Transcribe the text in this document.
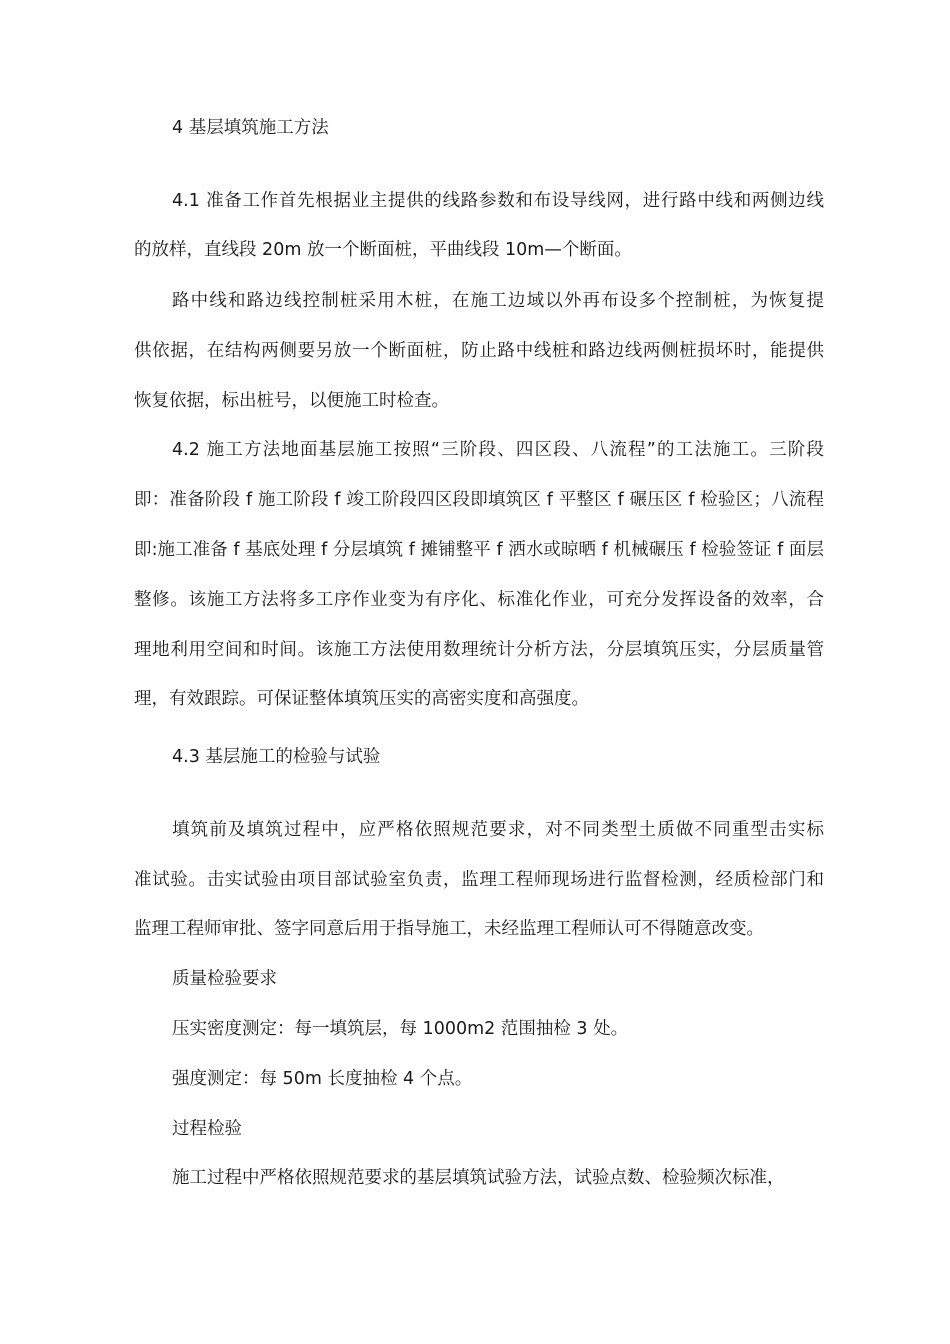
4 基层填筑施工方法
4.1 准备工作首先根据业主提供的线路参数和布设导线网，进行路中线和两侧边线
的放样，直线段 20m 放一个断面桩，平曲线段 10m—个断面。
路中线和路边线控制桩采用木桩，在施工边域以外再布设多个控制桩，为恢复提
供依据，在结构两侧要另放一个断面桩，防止路中线桩和路边线两侧桩损坏时，能提供
恢复依据，标出桩号，以便施工时检查。
4.2 施工方法地面基层施工按照“三阶段、四区段、八流程”的工法施工。三阶段
即：准备阶段 f 施工阶段 f 竣工阶段四区段即填筑区 f 平整区 f 碾压区 f 检验区；八流程
即:施工准备 f 基底处理 f 分层填筑 f 摊铺整平 f 洒水或晾晒 f 机械碾压 f 检验签证 f 面层
整修。该施工方法将多工序作业变为有序化、标准化作业，可充分发挥设备的效率，合
理地利用空间和时间。该施工方法使用数理统计分析方法，分层填筑压实，分层质量管
理，有效跟踪。可保证整体填筑压实的高密实度和高强度。
4.3 基层施工的检验与试验
填筑前及填筑过程中，应严格依照规范要求，对不同类型土质做不同重型击实标
准试验。击实试验由项目部试验室负责，监理工程师现场进行监督检测，经质检部门和
监理工程师审批、签字同意后用于指导施工，未经监理工程师认可不得随意改变。
质量检验要求
压实密度测定：每一填筑层，每 1000m2 范围抽检 3 处。
强度测定：每 50m 长度抽检 4 个点。
过程检验
施工过程中严格依照规范要求的基层填筑试验方法，试验点数、检验频次标准，
